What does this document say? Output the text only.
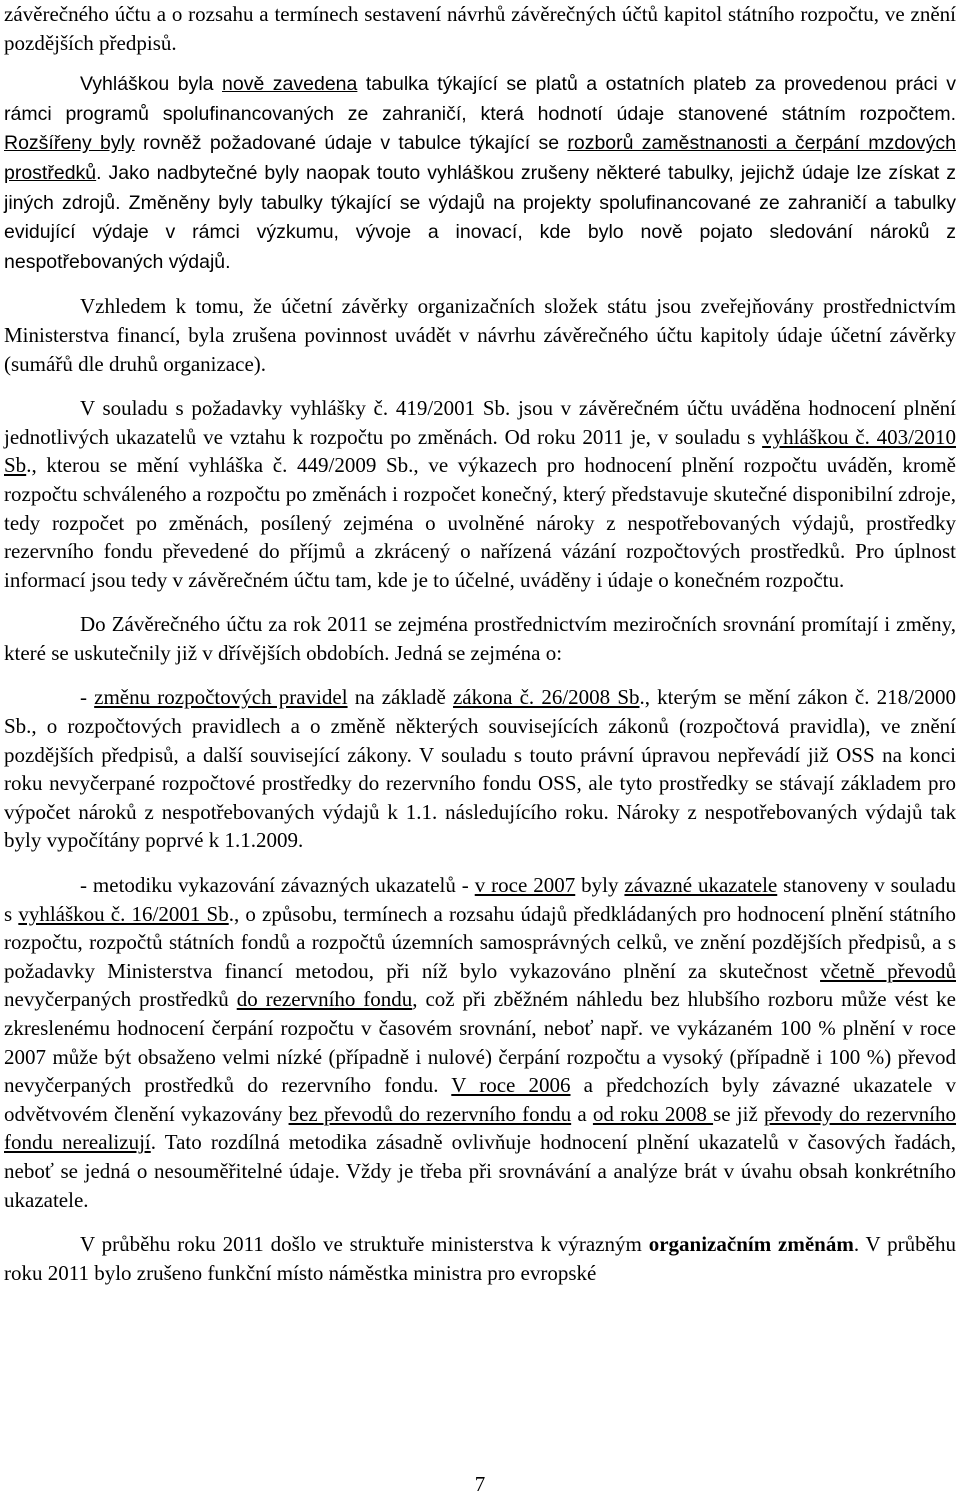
závěrečného účtu a o rozsahu a termínech sestavení návrhů závěrečných účtů kapitol státního rozpočtu, ve znění pozdějších předpisů.

Vyhláškou byla nově zavedena tabulka týkající se platů a ostatních plateb za provedenou práci v rámci programů spolufinancovaných ze zahraničí, která hodnotí údaje stanovené státním rozpočtem. Rozšířeny byly rovněž požadované údaje v tabulce týkající se rozborů zaměstnanosti a čerpání mzdových prostředků. Jako nadbytečné byly naopak touto vyhláškou zrušeny některé tabulky, jejichž údaje lze získat z jiných zdrojů. Změněny byly tabulky týkající se výdajů na projekty spolufinancované ze zahraničí a tabulky evidující výdaje v rámci výzkumu, vývoje a inovací, kde bylo nově pojato sledování nároků z nespotřebovaných výdajů.

Vzhledem k tomu, že účetní závěrky organizačních složek státu jsou zveřejňovány prostřednictvím Ministerstva financí, byla zrušena povinnost uvádět v návrhu závěrečného účtu kapitoly údaje účetní závěrky (sumářů dle druhů organizace).

V souladu s požadavky vyhlášky č. 419/2001 Sb. jsou v závěrečném účtu uváděna hodnocení plnění jednotlivých ukazatelů ve vztahu k rozpočtu po změnách. Od roku 2011 je, v souladu s vyhláškou č. 403/2010 Sb., kterou se mění vyhláška č. 449/2009 Sb., ve výkazech pro hodnocení plnění rozpočtu uváděn, kromě rozpočtu schváleného a rozpočtu po změnách i rozpočet konečný, který představuje skutečné disponibilní zdroje, tedy rozpočet po změnách, posílený zejména o uvolněné nároky z nespotřebovaných výdajů, prostředky rezervního fondu převedené do příjmů a zkrácený o nařízená vázání rozpočtových prostředků. Pro úplnost informací jsou tedy v závěrečném účtu tam, kde je to účelné, uváděny i údaje o konečném rozpočtu.

Do Závěrečného účtu za rok 2011 se zejména prostřednictvím meziročních srovnání promítají i změny, které se uskutečnily již v dřívějších obdobích. Jedná se zejména o:

- změnu rozpočtových pravidel na základě zákona č. 26/2008 Sb., kterým se mění zákon č. 218/2000 Sb., o rozpočtových pravidlech a o změně některých souvisejících zákonů (rozpočtová pravidla), ve znění pozdějších předpisů, a další související zákony. V souladu s touto právní úpravou nepřevádí již OSS na konci roku nevyčerpané rozpočtové prostředky do rezervního fondu OSS, ale tyto prostředky se stávají základem pro výpočet nároků z nespotřebovaných výdajů k 1.1. následujícího roku. Nároky z nespotřebovaných výdajů tak byly vypočítány poprvé k 1.1.2009.

- metodiku vykazování závazných ukazatelů - v roce 2007 byly závazné ukazatele stanoveny v souladu s vyhláškou č. 16/2001 Sb., o způsobu, termínech a rozsahu údajů předkládaných pro hodnocení plnění státního rozpočtu, rozpočtů státních fondů a rozpočtů územních samosprávných celků, ve znění pozdějších předpisů, a s požadavky Ministerstva financí metodou, při níž bylo vykazováno plnění za skutečnost včetně převodů nevyčerpaných prostředků do rezervního fondu, což při zběžném náhledu bez hlubšího rozboru může vést ke zkreslenému hodnocení čerpání rozpočtu v časovém srovnání, neboť např. ve vykázaném 100 % plnění v roce 2007 může být obsaženo velmi nízké (případně i nulové) čerpání rozpočtu a vysoký (případně i 100 %) převod nevyčerpaných prostředků do rezervního fondu. V roce 2006 a předchozích byly závazné ukazatele v odvětvovém členění vykazovány bez převodů do rezervního fondu a od roku 2008 se již převody do rezervního fondu nerealizují. Tato rozdílná metodika zásadně ovlivňuje hodnocení plnění ukazatelů v časových řadách, neboť se jedná o nesouměřitelné údaje. Vždy je třeba při srovnávání a analýze brát v úvahu obsah konkrétního ukazatele.

V průběhu roku 2011 došlo ve struktuře ministerstva k výrazným organizačním změnám. V průběhu roku 2011 bylo zrušeno funkční místo náměstka ministra pro evropské

7
